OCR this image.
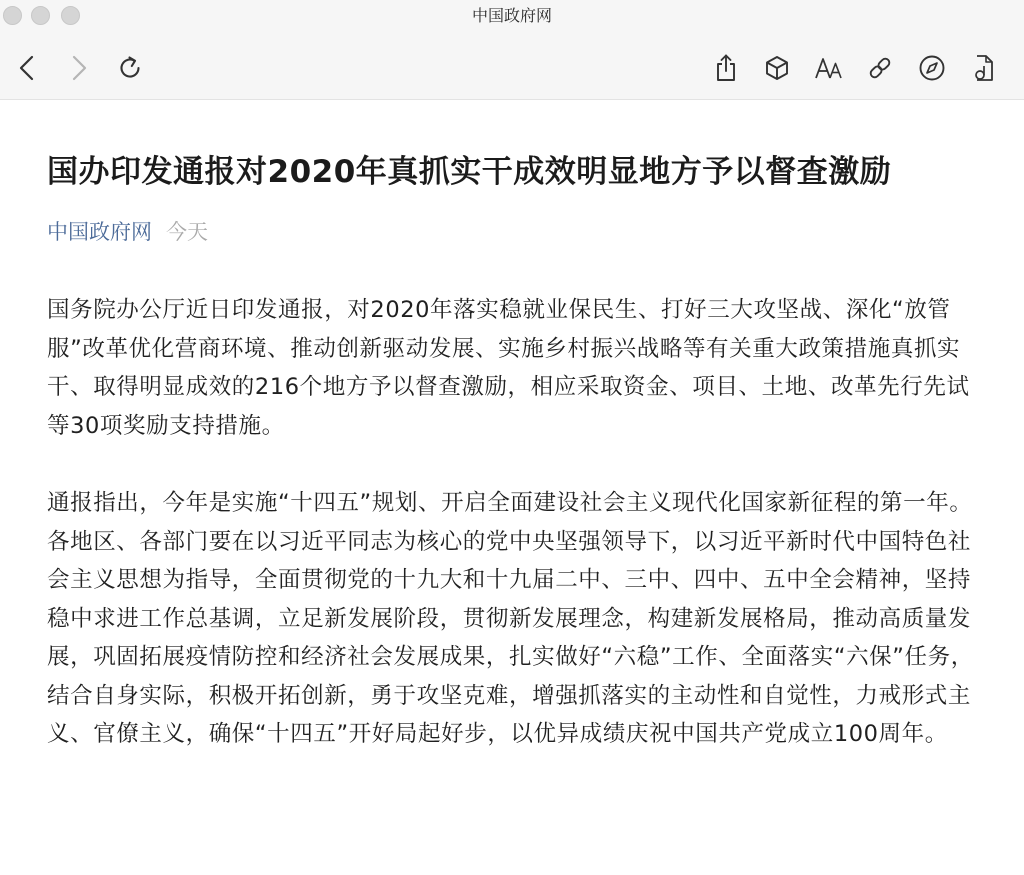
中国政府网
国办印发通报对2020年真抓实干成效明显地方予以督查激励
中国政府网 今天

国务院办公厅近日印发通报，对2020年落实稳就业保民生、打好三大攻坚战、深化“放管服”改革优化营商环境、推动创新驱动发展、实施乡村振兴战略等有关重大政策措施真抓实干、取得明显成效的216个地方予以督查激励，相应采取资金、项目、土地、改革先行先试等30项奖励支持措施。

通报指出，今年是实施“十四五”规划、开启全面建设社会主义现代化国家新征程的第一年。各地区、各部门要在以习近平同志为核心的党中央坚强领导下，以习近平新时代中国特色社会主义思想为指导，全面贯彻党的十九大和十九届二中、三中、四中、五中全会精神，坚持稳中求进工作总基调，立足新发展阶段，贯彻新发展理念，构建新发展格局，推动高质量发展，巩固拓展疫情防控和经济社会发展成果，扎实做好“六稳”工作、全面落实“六保”任务，结合自身实际，积极开拓创新，勇于攻坚克难，增强抓落实的主动性和自觉性，力戒形式主义、官僚主义，确保“十四五”开好局起好步，以优异成绩庆祝中国共产党成立100周年。
